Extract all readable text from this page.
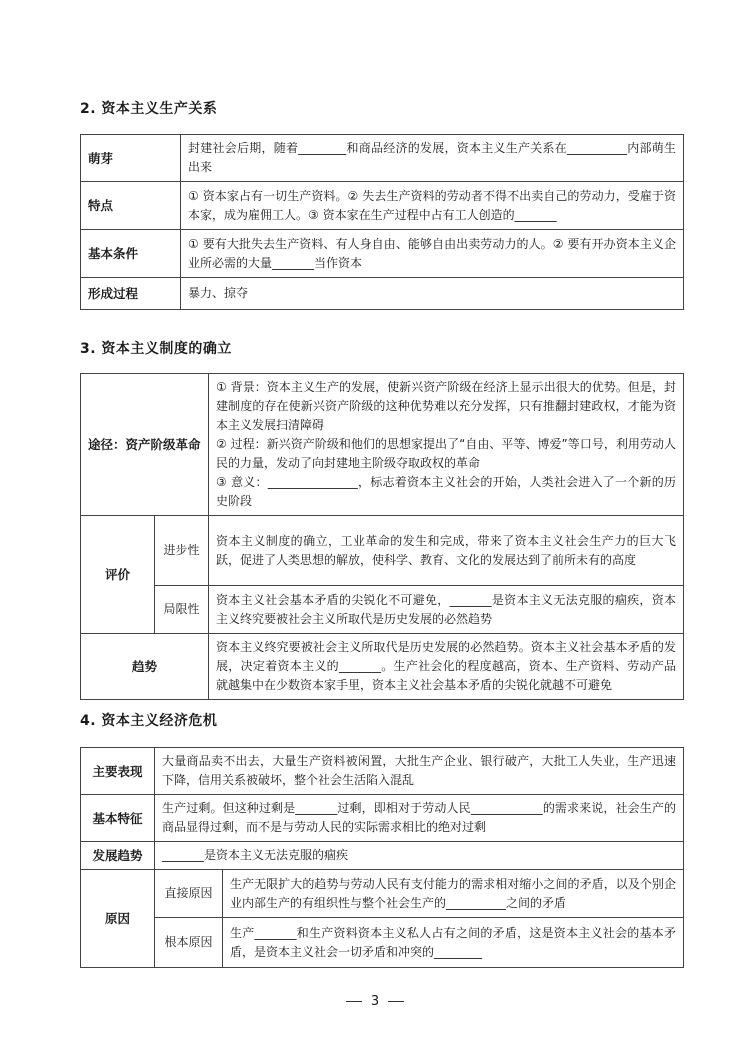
2. 资本主义生产关系
萌芽	封建社会后期，随着________和商品经济的发展，资本主义生产关系在__________内部萌生出来
特点	① 资本家占有一切生产资料。② 失去生产资料的劳动者不得不出卖自己的劳动力，受雇于资本家，成为雇佣工人。③ 资本家在生产过程中占有工人创造的_______
基本条件	① 要有大批失去生产资料、有人身自由、能够自由出卖劳动力的人。② 要有开办资本主义企业所必需的大量_______当作资本
形成过程	暴力、掠夺
3. 资本主义制度的确立
途径：资产阶级革命		① 背景：资本主义生产的发展，使新兴资产阶级在经济上显示出很大的优势。但是，封建制度的存在使新兴资产阶级的这种优势难以充分发挥，只有推翻封建政权，才能为资本主义发展扫清障碍
② 过程：新兴资产阶级和他们的思想家提出了“自由、平等、博爱”等口号，利用劳动人民的力量，发动了向封建地主阶级夺取政权的革命
③ 意义：_______________，标志着资本主义社会的开始，人类社会进入了一个新的历史阶段

评价	进步性	资本主义制度的确立，工业革命的发生和完成，带来了资本主义社会生产力的巨大飞跃，促进了人类思想的解放，使科学、教育、文化的发展达到了前所未有的高度
	局限性	资本主义社会基本矛盾的尖锐化不可避免，_______是资本主义无法克服的痼疾，资本主义终究要被社会主义所取代是历史发展的必然趋势
趋势		资本主义终究要被社会主义所取代是历史发展的必然趋势。资本主义社会基本矛盾的发展，决定着资本主义的_______。生产社会化的程度越高，资本、生产资料、劳动产品就越集中在少数资本家手里，资本主义社会基本矛盾的尖锐化就越不可避免
4. 资本主义经济危机
主要表现	大量商品卖不出去，大量生产资料被闲置，大批生产企业、银行破产，大批工人失业，生产迅速下降，信用关系被破坏，整个社会生活陷入混乱	
基本特征	生产过剩。但这种过剩是_______过剩，即相对于劳动人民____________的需求来说，社会生产的商品显得过剩，而不是与劳动人民的实际需求相比的绝对过剩	
发展趋势	_______是资本主义无法克服的痼疾	
原因	直接原因	生产无限扩大的趋势与劳动人民有支付能力的需求相对缩小之间的矛盾，以及个别企业内部生产的有组织性与整个社会生产的__________之间的矛盾
	根本原因	生产_______和生产资料资本主义私人占有之间的矛盾，这是资本主义社会的基本矛盾，是资本主义社会一切矛盾和冲突的________
3
